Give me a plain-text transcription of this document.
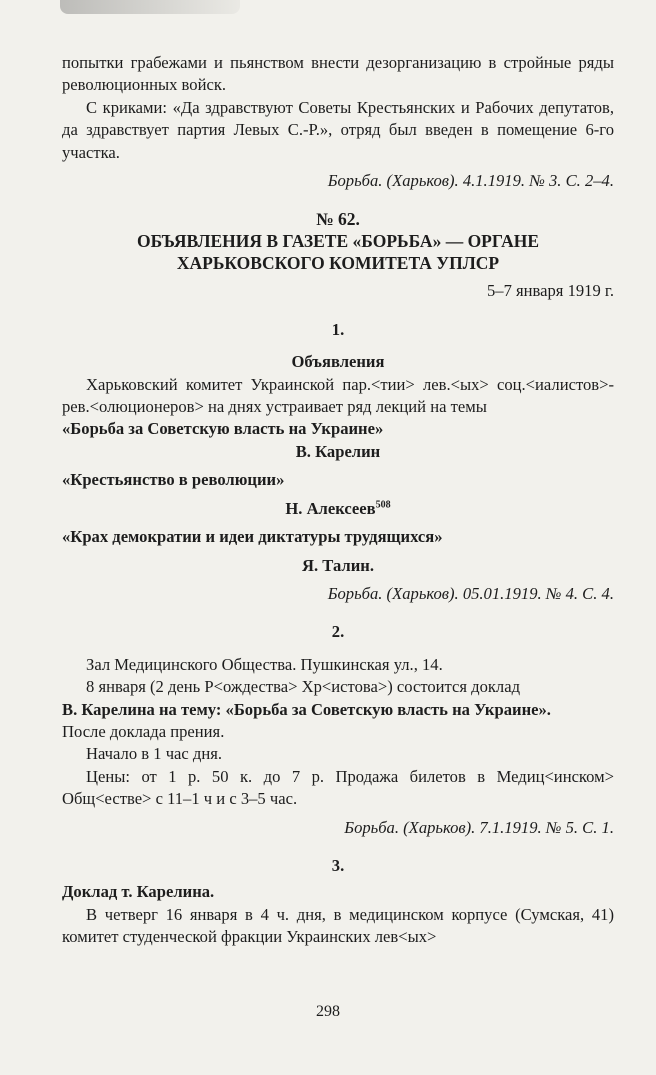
попытки грабежами и пьянством внести дезорганизацию в стройные ряды революционных войск.

С криками: «Да здравствуют Советы Крестьянских и Рабочих депутатов, да здравствует партия Левых С.-Р.», отряд был введен в помещение 6-го участка.

Борьба. (Харьков). 4.1.1919. № 3. С. 2–4.

№ 62.

ОБЪЯВЛЕНИЯ В ГАЗЕТЕ «БОРЬБА» — ОРГАНЕ

ХАРЬКОВСКОГО КОМИТЕТА УПЛСР

5–7 января 1919 г.

1.

Объявления

Харьковский комитет Украинской пар.<тии> лев.<ых> соц.<иалистов>-рев.<олюционеров> на днях устраивает ряд лекций на темы

«Борьба за Советскую власть на Украине»

В. Карелин

«Крестьянство в революции»

Н. Алексеев$^{508}$

«Крах демократии и идеи диктатуры трудящихся»

Я. Талин.

Борьба. (Харьков). 05.01.1919. № 4. С. 4.

2.

Зал Медицинского Общества. Пушкинская ул., 14.

8 января (2 день Р<ождества> Хр<истова>) состоится доклад

В. Карелина на тему: «Борьба за Советскую власть на Украине».

После доклада прения.

Начало в 1 час дня.

Цены: от 1 р. 50 к. до 7 р. Продажа билетов в Медиц<инском> Общ<естве> с 11–1 ч и с 3–5 час.

Борьба. (Харьков). 7.1.1919. № 5. С. 1.

3.

Доклад т. Карелина.

В четверг 16 января в 4 ч. дня, в медицинском корпусе (Сумская, 41) комитет студенческой фракции Украинских лев<ых>

298
